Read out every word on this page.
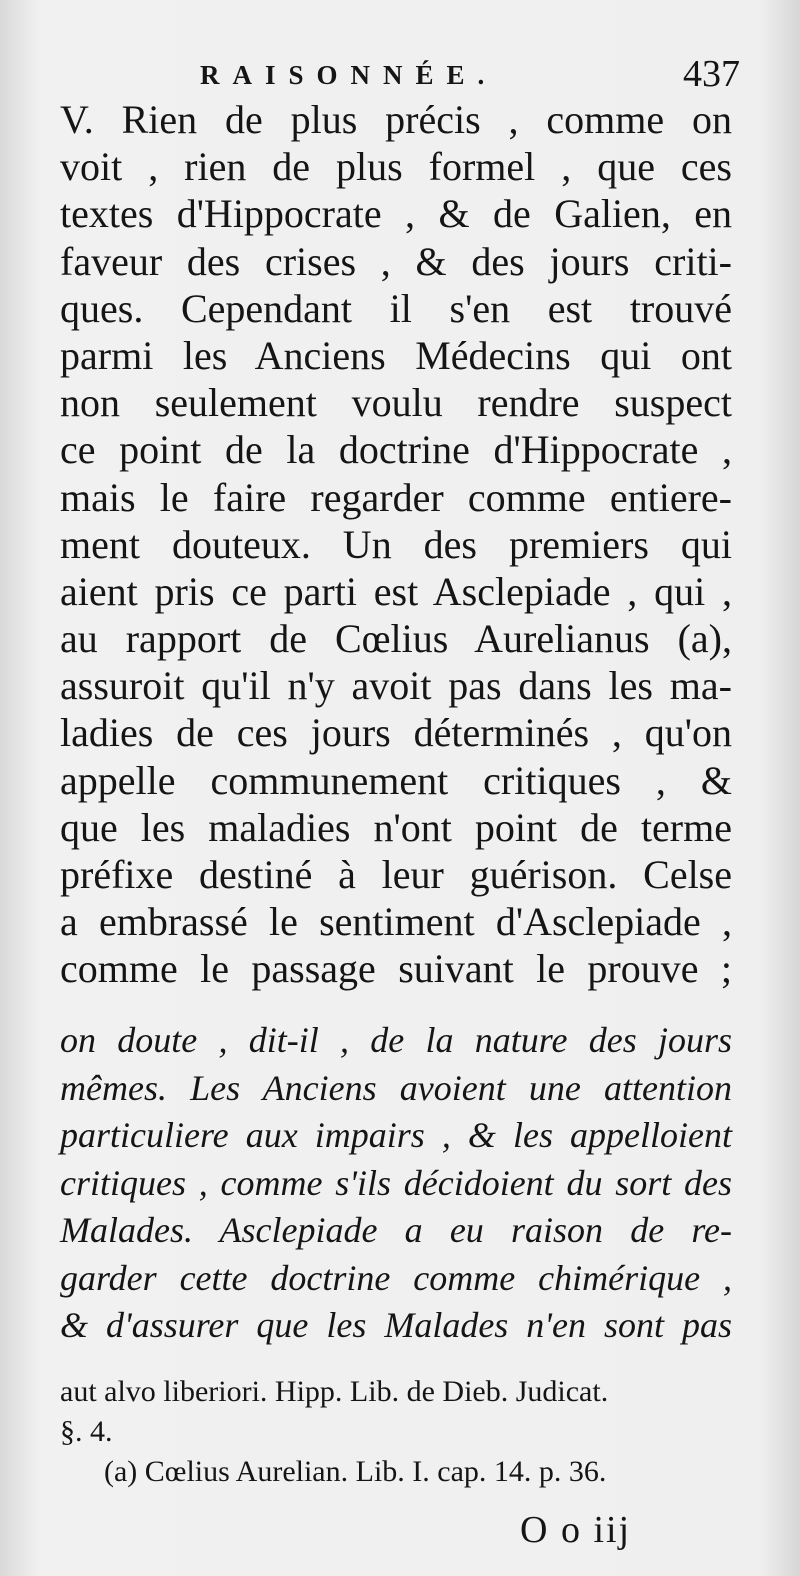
RAISONNÉE.	437
V. Rien de plus précis , comme on
voit , rien de plus formel , que ces
textes d'Hippocrate , & de Galien, en
faveur des crises , & des jours criti-
ques. Cependant il s'en est trouvé
parmi les Anciens Médecins qui ont
non seulement voulu rendre suspect
ce point de la doctrine d'Hippocrate ,
mais le faire regarder comme entiere-
ment douteux. Un des premiers qui
aient pris ce parti est Asclepiade , qui ,
au rapport de Cœlius Aurelianus (a),
assuroit qu'il n'y avoit pas dans les ma-
ladies de ces jours déterminés , qu'on
appelle communement critiques , &
que les maladies n'ont point de terme
préfixe destiné à leur guérison. Celse
a embrassé le sentiment d'Asclepiade ,
comme le passage suivant le prouve ;
on doute , dit-il , de la nature des jours
mêmes. Les Anciens avoient une attention
particuliere aux impairs , & les appelloient
critiques , comme s'ils décidoient du sort des
Malades. Asclepiade a eu raison de re-
garder cette doctrine comme chimérique ,
& d'assurer que les Malades n'en sont pas
aut alvo liberiori. Hipp. Lib. de Dieb. Judicat.
§. 4.
(a) Cœlius Aurelian. Lib. I. cap. 14. p. 36.
O o iij
